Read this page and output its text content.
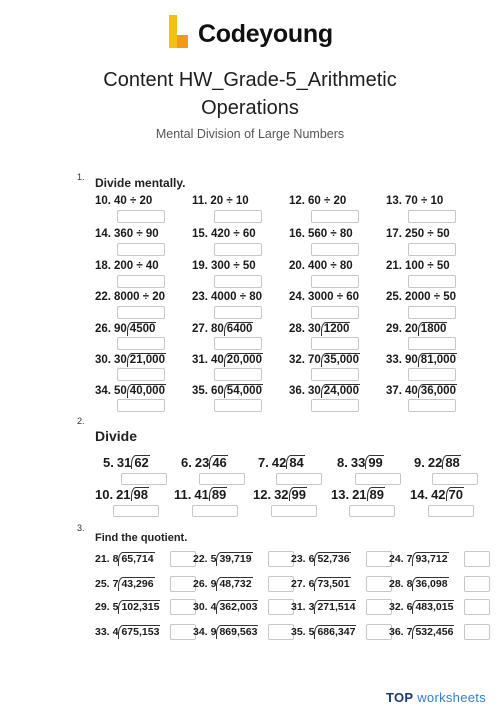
Codeyoung
Content HW_Grade-5_Arithmetic
Operations
Mental Division of Large Numbers
1. Divide mentally.
10. 40 ÷ 20	11. 20 ÷ 10	12. 60 ÷ 20	13. 70 ÷ 10
14. 360 ÷ 90	15. 420 ÷ 60	16. 560 ÷ 80	17. 250 ÷ 50
18. 200 ÷ 40	19. 300 ÷ 50	20. 400 ÷ 80	21. 100 ÷ 50
22. 8000 ÷ 20 23. 4000 ÷ 80 24. 3000 ÷ 60 25. 2000 ÷ 50
26. 90 4500	27. 80 6400	28. 30 1200	29. 20 1800
30. 30 21,000 31. 40 20,000 32. 70 35,000 33. 90 81,000
34. 50 40,000 35. 60 54,000 36. 30 24,000 37. 40 36,000
2.
Divide
5. 31 62 6. 23 46 7. 42 84	8. 33 99 9. 22 88
10. 21 98 11. 41 89 12. 32 99 13. 21 89 14. 42 70
3.
Find the quotient.
21. 8 65,714	22. 5 39,719	23. 6 52,736	24. 7 93,712
25. 7 43,296	26. 9 48,732	27. 6 73,501	28. 8 36,098
29. 5 102,315	30. 4 362,003	31. 3 271,514	32. 6 483,015
33. 4 675,153	34. 9 869,563	35. 5 686,347	36. 7 532,456
TOP worksheets
